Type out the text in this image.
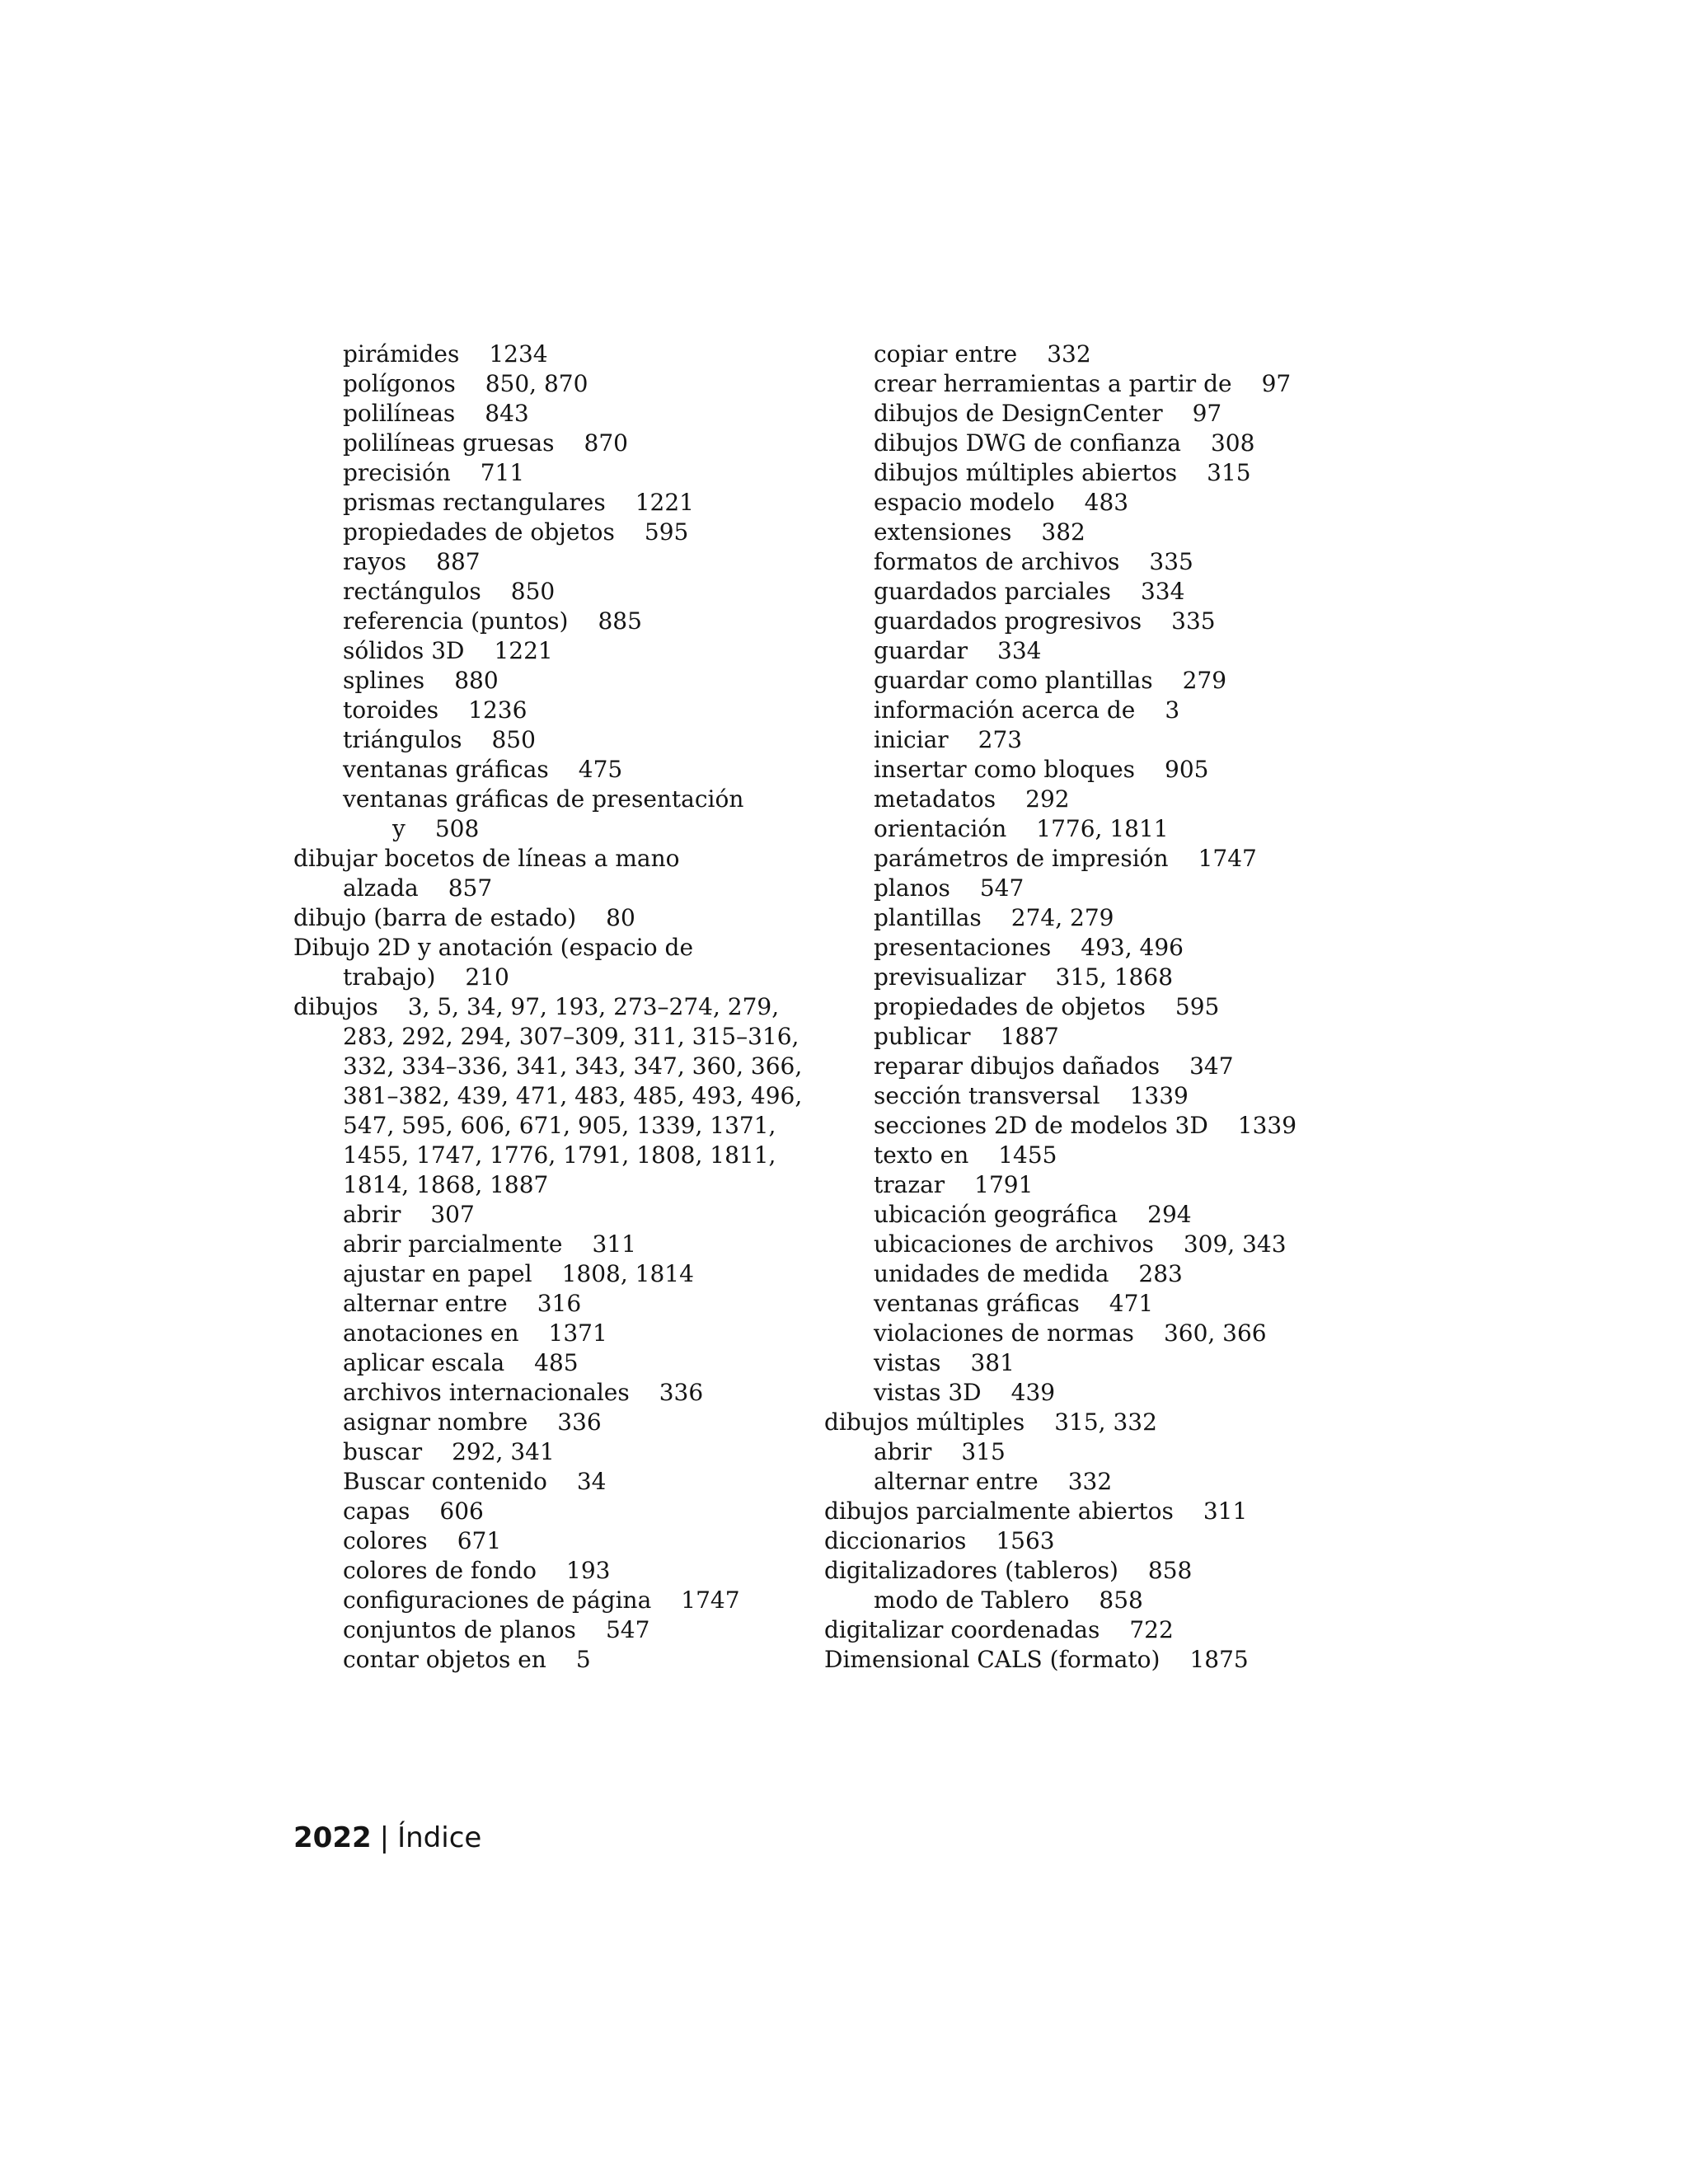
pirámides 1234
polígonos 850, 870
polilíneas 843
polilíneas gruesas 870
precisión 711
prismas rectangulares 1221
propiedades de objetos 595
rayos 887
rectángulos 850
referencia (puntos) 885
sólidos 3D 1221
splines 880
toroides 1236
triángulos 850
ventanas gráficas 475
ventanas gráficas de presentación y 508
dibujar bocetos de líneas a mano alzada 857
dibujo (barra de estado) 80
Dibujo 2D y anotación (espacio de trabajo) 210
dibujos 3, 5, 34, 97, 193, 273–274, 279, 283, 292, 294, 307–309, 311, 315–316, 332, 334–336, 341, 343, 347, 360, 366, 381–382, 439, 471, 483, 485, 493, 496, 547, 595, 606, 671, 905, 1339, 1371, 1455, 1747, 1776, 1791, 1808, 1811, 1814, 1868, 1887
abrir 307
abrir parcialmente 311
ajustar en papel 1808, 1814
alternar entre 316
anotaciones en 1371
aplicar escala 485
archivos internacionales 336
asignar nombre 336
buscar 292, 341
Buscar contenido 34
capas 606
colores 671
colores de fondo 193
configuraciones de página 1747
conjuntos de planos 547
contar objetos en 5
copiar entre 332
crear herramientas a partir de 97
dibujos de DesignCenter 97
dibujos DWG de confianza 308
dibujos múltiples abiertos 315
espacio modelo 483
extensiones 382
formatos de archivos 335
guardados parciales 334
guardados progresivos 335
guardar 334
guardar como plantillas 279
información acerca de 3
iniciar 273
insertar como bloques 905
metadatos 292
orientación 1776, 1811
parámetros de impresión 1747
planos 547
plantillas 274, 279
presentaciones 493, 496
previsualizar 315, 1868
propiedades de objetos 595
publicar 1887
reparar dibujos dañados 347
sección transversal 1339
secciones 2D de modelos 3D 1339
texto en 1455
trazar 1791
ubicación geográfica 294
ubicaciones de archivos 309, 343
unidades de medida 283
ventanas gráficas 471
violaciones de normas 360, 366
vistas 381
vistas 3D 439
dibujos múltiples 315, 332
abrir 315
alternar entre 332
dibujos parcialmente abiertos 311
diccionarios 1563
digitalizadores (tableros) 858
modo de Tablero 858
digitalizar coordenadas 722
Dimensional CALS (formato) 1875
2022 | Índice
